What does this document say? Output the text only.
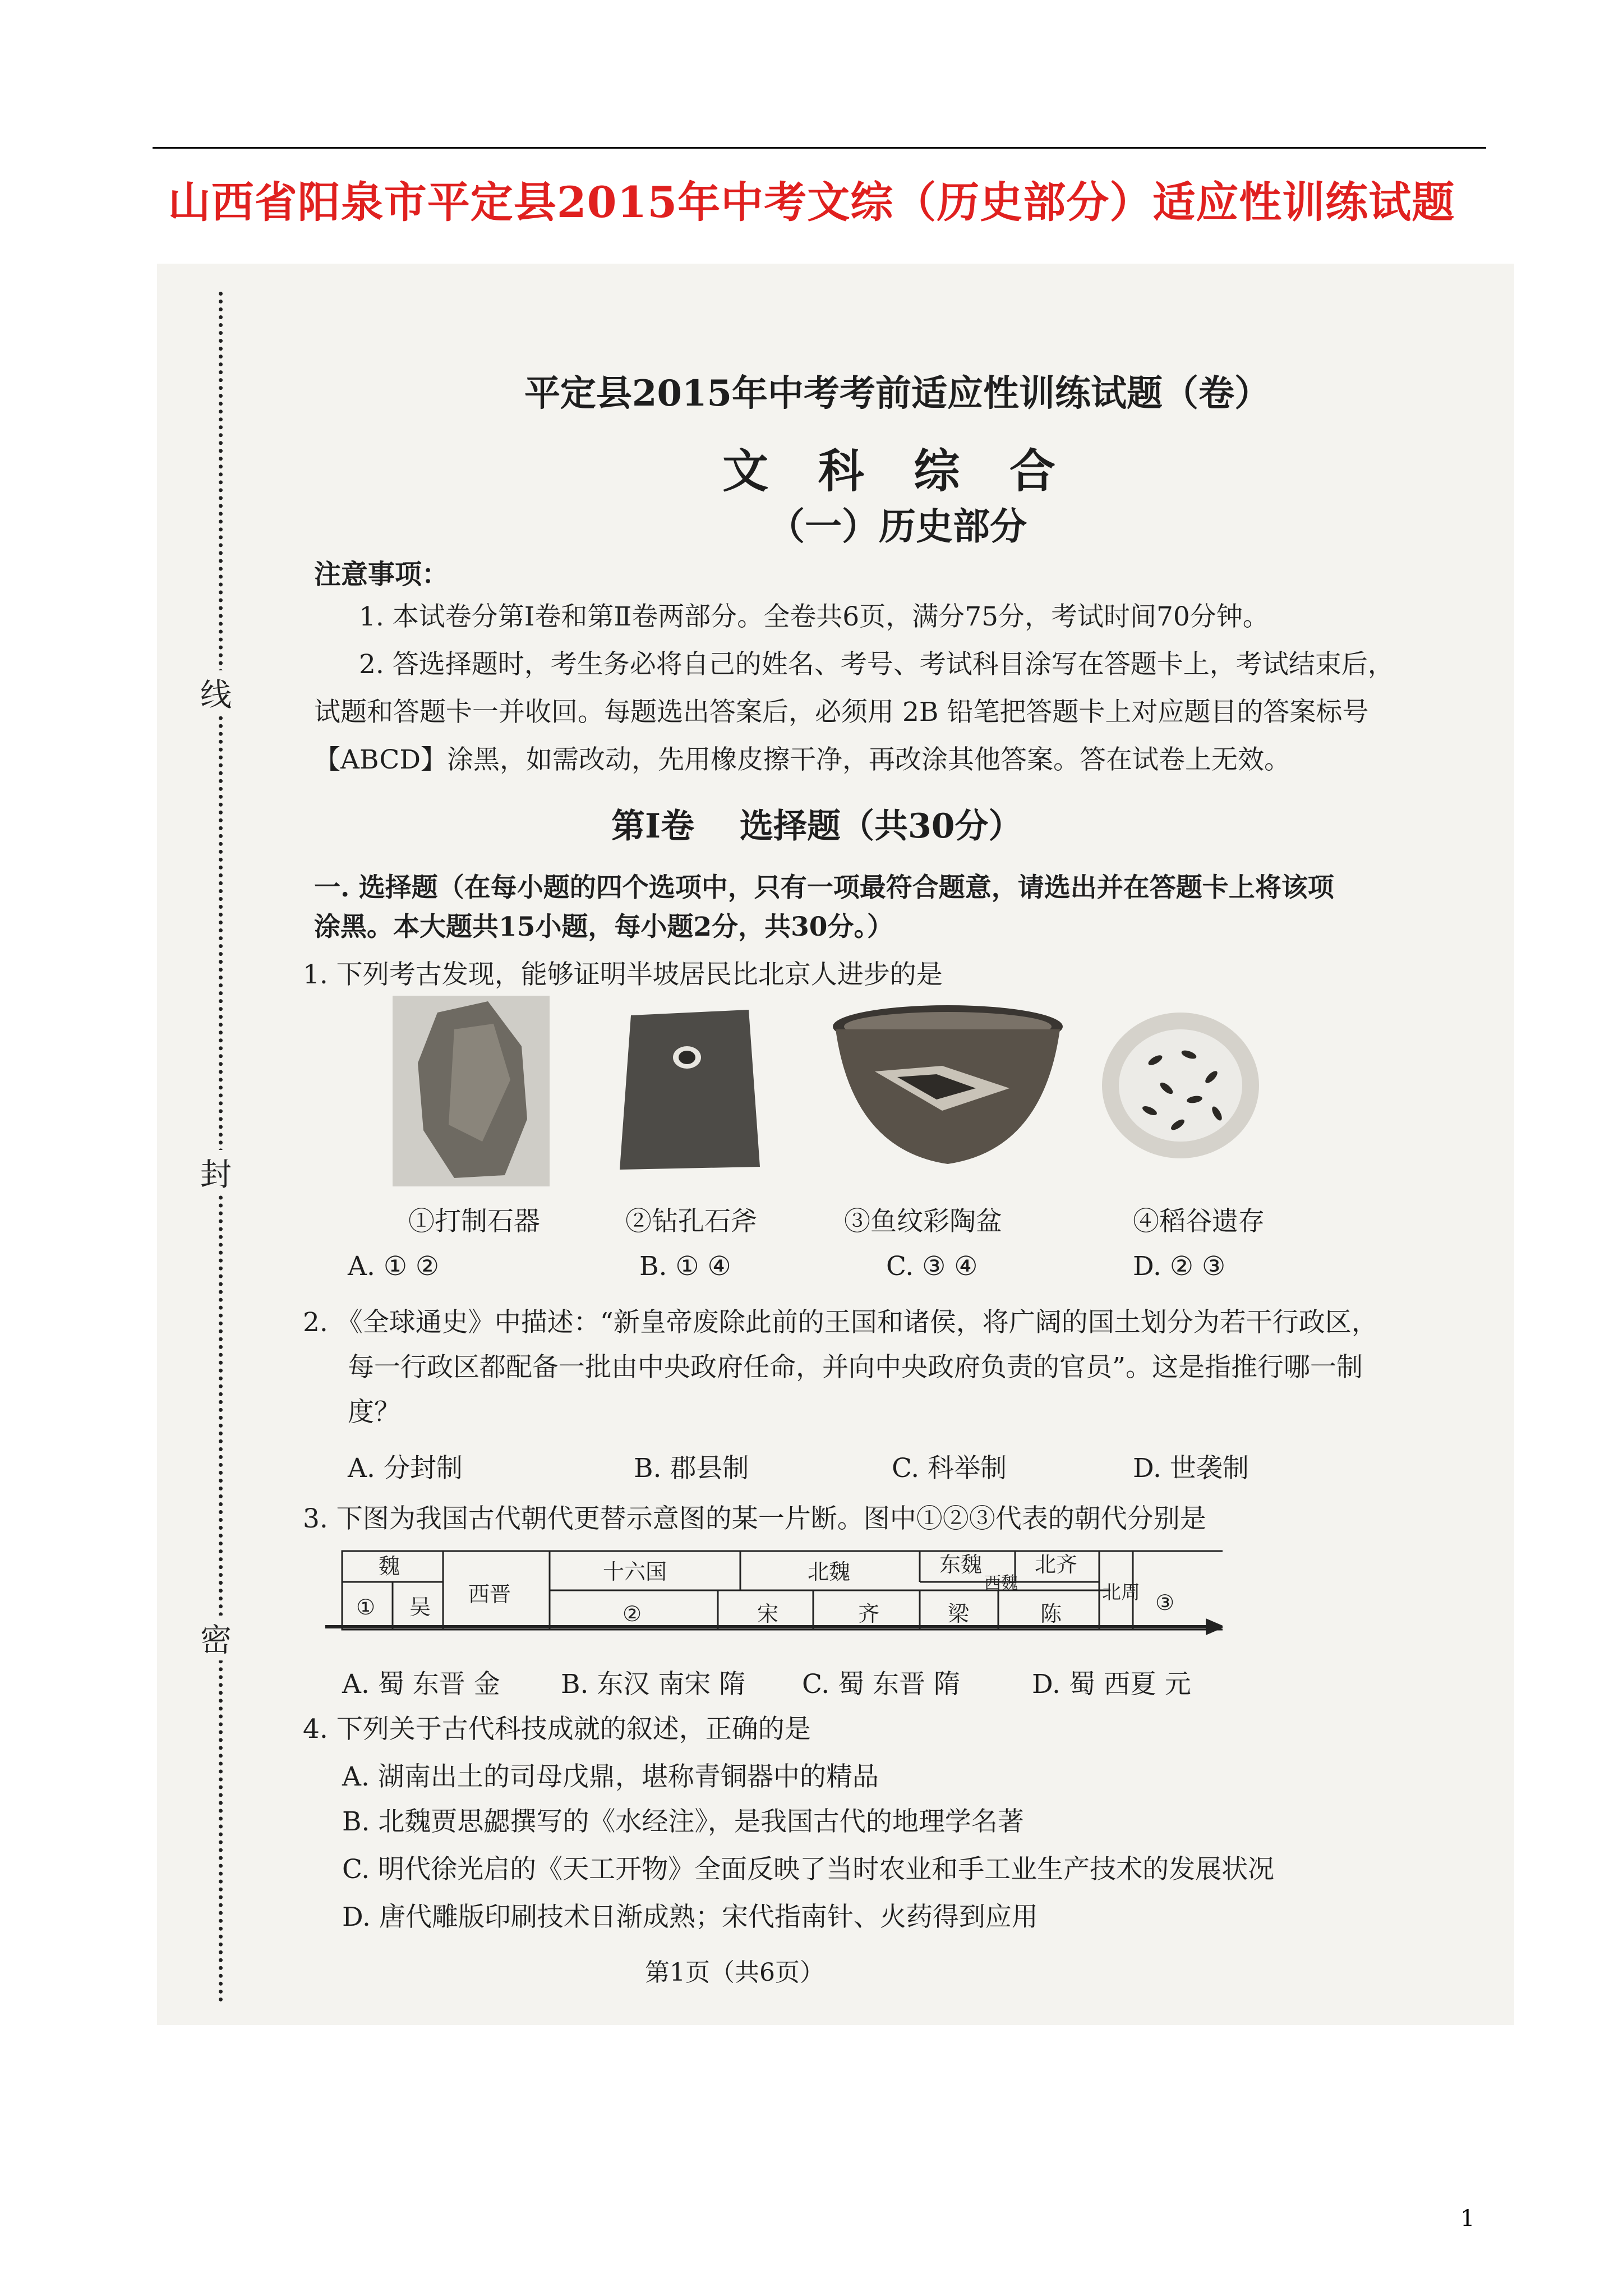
山西省阳泉市平定县2015年中考文综（历史部分）适应性训练试题
线
封
密
平定县2015年中考考前适应性训练试题（卷）
文 科 综 合
（一）历史部分
注意事项：
1. 本试卷分第Ⅰ卷和第Ⅱ卷两部分。全卷共6页，满分75分，考试时间70分钟。
2. 答选择题时，考生务必将自己的姓名、考号、考试科目涂写在答题卡上，考试结束后，
试题和答题卡一并收回。每题选出答案后，必须用 2B 铅笔把答题卡上对应题目的答案标号
【ABCD】涂黑，如需改动，先用橡皮擦干净，再改涂其他答案。答在试卷上无效。
第Ⅰ卷　 选择题（共30分）
一. 选择题（在每小题的四个选项中，只有一项最符合题意，请选出并在答题卡上将该项
涂黑。本大题共15小题，每小题2分，共30分。）
1. 下列考古发现，能够证明半坡居民比北京人进步的是
①打制石器	②钻孔石斧	③鱼纹彩陶盆	④稻谷遗存
A. ① ②	B. ① ④	C. ③ ④	D. ② ③
2. 《全球通史》中描述：“新皇帝废除此前的王国和诸侯，将广阔的国土划分为若干行政区，
每一行政区都配备一批由中央政府任命，并向中央政府负责的官员”。这是指推行哪一制
度？
A. 分封制	B. 郡县制	C. 科举制	D. 世袭制
3. 下图为我国古代朝代更替示意图的某一片断。图中①②③代表的朝代分别是
魏
① 吴
西晋
十六国
②
北魏
宋	齐
东魏 北齐
西魏	北周
梁	陈	③
A. 蜀 东晋 金 B. 东汉 南宋 隋 C. 蜀 东晋 隋	D. 蜀 西夏 元
4. 下列关于古代科技成就的叙述，正确的是
A. 湖南出土的司母戊鼎，堪称青铜器中的精品
B. 北魏贾思勰撰写的《水经注》，是我国古代的地理学名著
C. 明代徐光启的《天工开物》全面反映了当时农业和手工业生产技术的发展状况
D. 唐代雕版印刷技术日渐成熟；宋代指南针、火药得到应用
第1页（共6页）
1
